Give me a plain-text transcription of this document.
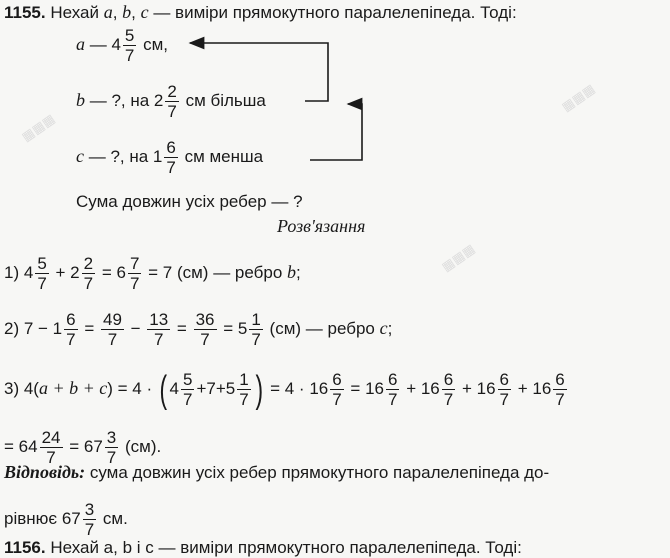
▦▦▦
▦▦▦
▦▦▦
1155. Нехай a, b, c — виміри прямокутного паралелепіпеда. Тоді:
a — $4 \frac{5}{7}$ см,
b — ?, на $2 \frac{2}{7}$ см більша
c — ?, на $1 \frac{6}{7}$ см менша
Сума довжин усіх ребер — ?
Розв'язання
1) $4 \frac{5}{7} + 2 \frac{2}{7} = 6 \frac{7}{7} = 7$ (см) — ребро b;
2) $7 - 1 \frac{6}{7} = \frac{49}{7} - \frac{13}{7} = \frac{36}{7} = 5 \frac{1}{7} (см)$ — ребро c;
3) 4(a + b + c) = 4 · ( $4 \frac{5}{7} +7+5 \frac{1}{7}$ ) = $4 \cdot 16 \frac{6}{7} = 16 \frac{6}{7} + 16 \frac{6}{7} + 16 \frac{6}{7} + 16 \frac{6}{7}$
= $64 \frac{24}{7} = 67 \frac{3}{7} (см)$.
Відповідь: сума довжин усіх ребер прямокутного паралелепіпеда до-
рівнює $67 \frac{3}{7}$ см.
1156. Нехай a, b і c — виміри прямокутного паралелепіпеда. Тоді:
